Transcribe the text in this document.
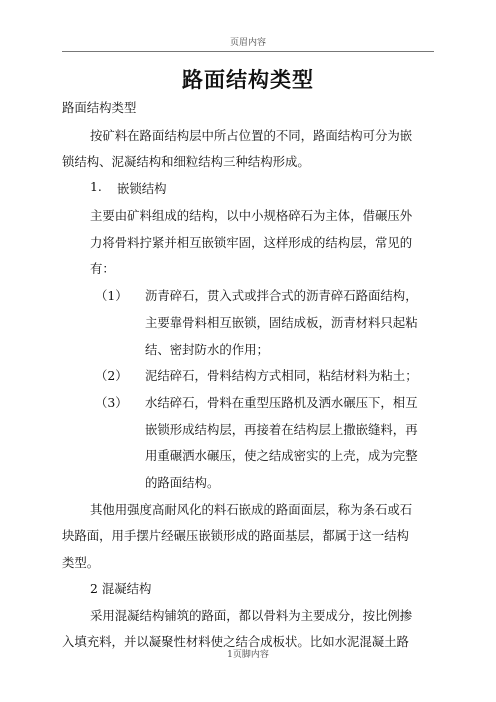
页眉内容
路面结构类型
路面结构类型
按矿料在路面结构层中所占位置的不同，路面结构可分为嵌
锁结构、泥凝结构和细粒结构三种结构形成。
1. 嵌锁结构
主要由矿料组成的结构，以中小规格碎石为主体，借碾压外
力将骨料拧紧并相互嵌锁牢固，这样形成的结构层，常见的
有：
（1） 沥青碎石，贯入式或拌合式的沥青碎石路面结构，
主要靠骨料相互嵌锁，固结成板，沥青材料只起粘
结、密封防水的作用；
（2） 泥结碎石，骨料结构方式相同，粘结材料为粘土；
（3） 水结碎石，骨料在重型压路机及洒水碾压下，相互
嵌锁形成结构层，再接着在结构层上撒嵌缝料，再
用重碾洒水碾压，使之结成密实的上壳，成为完整
的路面结构。
其他用强度高耐风化的料石嵌成的路面面层，称为条石或石
块路面，用手摆片经碾压嵌锁形成的路面基层，都属于这一结构
类型。
2 混凝结构
采用混凝结构铺筑的路面，都以骨料为主要成分，按比例掺
入填充料，并以凝聚性材料使之结合成板状。比如水泥混凝土路
1页脚内容
